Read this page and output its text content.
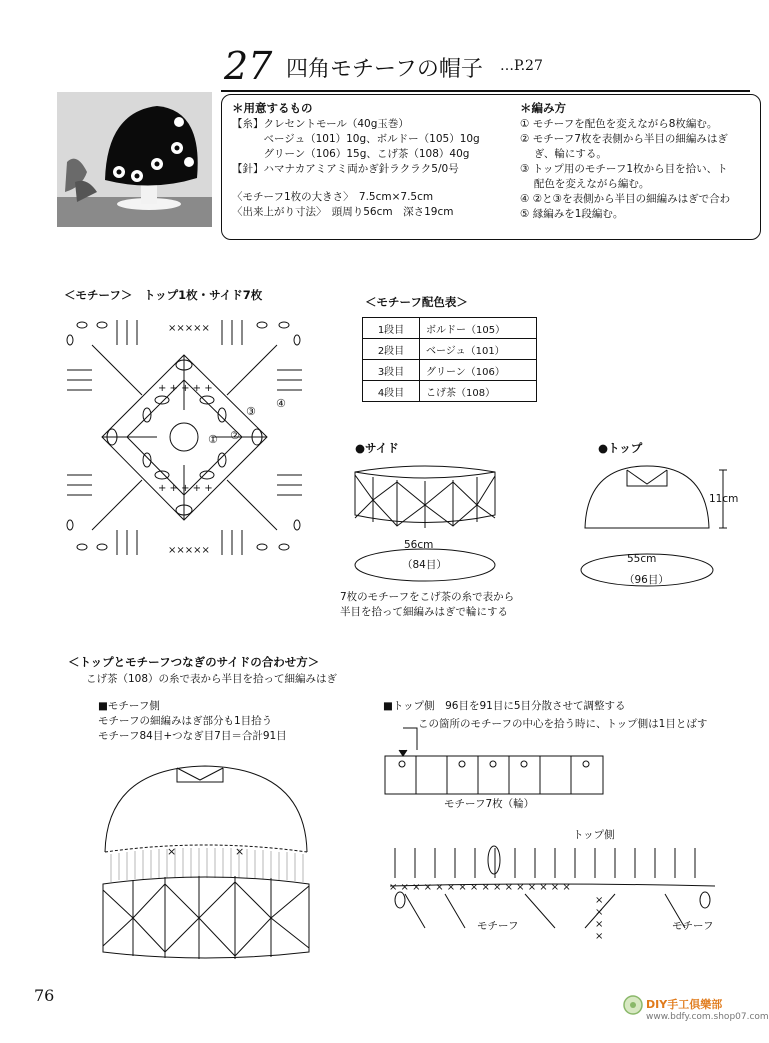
27 四角モチーフの帽子 …P.27
＊用意するもの
【糸】クレセントモール（40g玉巻）
　　　ベージュ（101）10g、ボルドー（105）10g
　　　グリーン（106）15g、こげ茶（108）40g
【針】ハマナカアミアミ両かぎ針ラクラク5/0号
〈モチーフ1枚の大きさ〉　7.5cm×7.5cm
〈出来上がり寸法〉　頭周り56cm　深さ19cm
＊編み方
① モチーフを配色を変えながら8枚編む。
② モチーフ7枚を表側から半目の細編みはぎ
　 ぎ、輪にする。
③ トップ用のモチーフ1枚から目を拾い、ト
　 配色を変えながら編む。
④ ②と③を表側から半目の細編みはぎで合わ
⑤ 縁編みを1段編む。
＜モチーフ＞　トップ1枚・サイド7枚
×××××
×××××
+ + + + +
+ + + + +
① ②
③
④
＜モチーフ配色表＞
1段目	ボルドー（105）
2段目	ベージュ（101）
3段目	グリーン（106）
4段目	こげ茶（108）
●サイド
56cm
（84目）
7枚のモチーフをこげ茶の糸で表から
半目を拾って細編みはぎで輪にする
●トップ
11cm
55cm
（96目）
＜トップとモチーフつなぎのサイドの合わせ方＞
こげ茶（108）の糸で表から半目を拾って細編みはぎ
■モチーフ側
モチーフの細編みはぎ部分も1目拾う
モチーフ84目+つなぎ目7目＝合計91目
×	×
■トップ側　96目を91目に5目分散させて調整する
この箇所のモチーフの中心を拾う時に、トップ側は1目とばす
モチーフ7枚（輪）
トップ側
× × × × × × × × × × × × × × × ×
×
×
×
×
モチーフ	モチーフ
76	DIY手工俱樂部
www.bdfy.com.shop07.com
